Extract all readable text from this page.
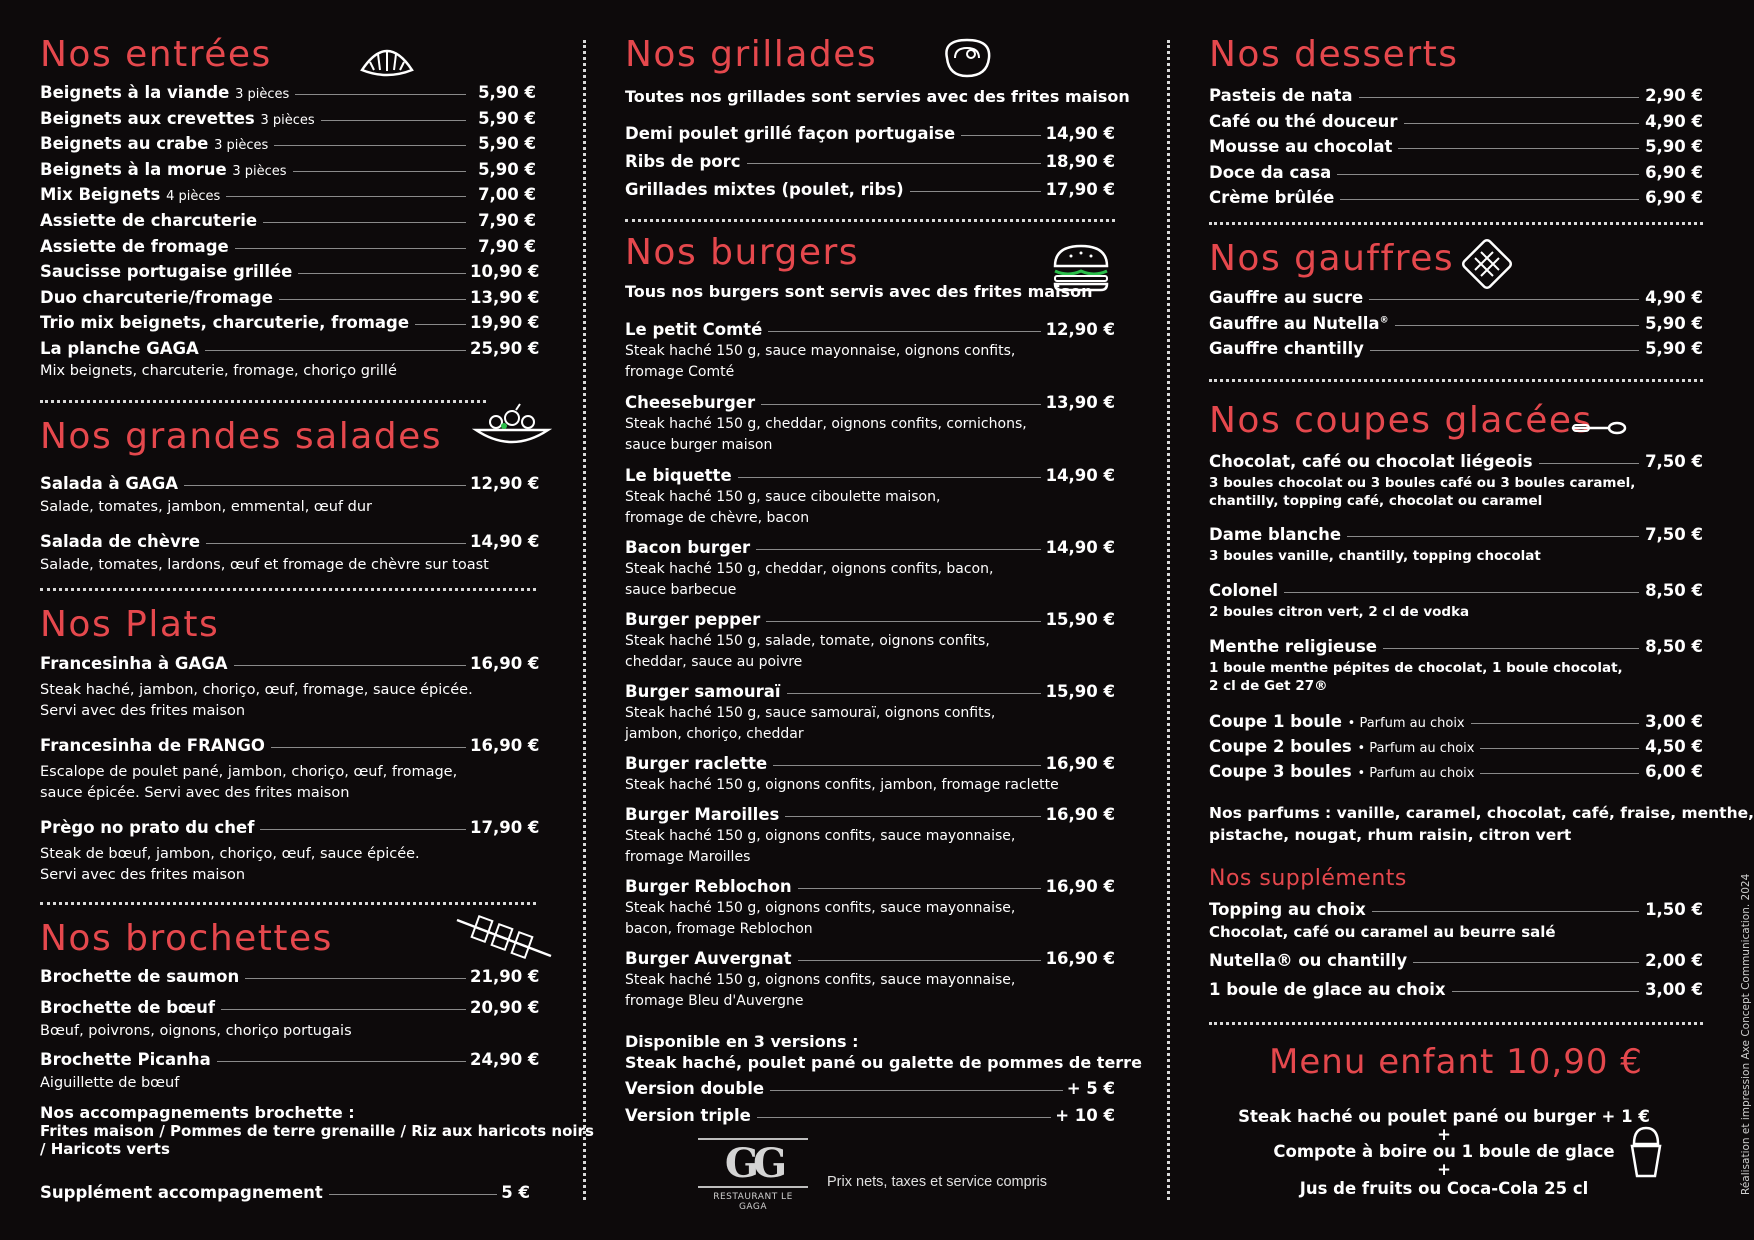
Nos entrées
Mix beignets, charcuterie, fromage, choriço grillé
Nos grandes salades
Nos Plats
Nos brochettes
Nos accompagnements brochette :
Frites maison / Pommes de terre grenaille / Riz aux haricots noirs
/ Haricots verts
Supplément accompagnement	5 €
Beignets à la viande 3 pièces	5,90 €
Beignets aux crevettes 3 pièces	5,90 €
Beignets au crabe 3 pièces	5,90 €
Beignets à la morue 3 pièces	5,90 €
Mix Beignets 4 pièces	7,00 €
Assiette de charcuterie	7,90 €
Assiette de fromage	7,90 €
Saucisse portugaise grillée	10,90 €
Duo charcuterie/fromage	13,90 €
Trio mix beignets, charcuterie, fromage	19,90 €
La planche GAGA	25,90 €
Salada à GAGA	12,90 €
Salade, tomates, jambon, emmental, œuf dur
Salada de chèvre	14,90 €
Salade, tomates, lardons, œuf et fromage de chèvre sur toast
Francesinha à GAGA	16,90 €
Steak haché, jambon, choriço, œuf, fromage, sauce épicée.
Servi avec des frites maison
Francesinha de FRANGO	16,90 €
Escalope de poulet pané, jambon, choriço, œuf, fromage,
sauce épicée. Servi avec des frites maison
Prègo no prato du chef	17,90 €
Steak de bœuf, jambon, choriço, œuf, sauce épicée.
Servi avec des frites maison
Brochette de saumon	21,90 €
Brochette de bœuf	20,90 €
Bœuf, poivrons, oignons, choriço portugais
Brochette Picanha	24,90 €
Aiguillette de bœuf
Nos grillades
Toutes nos grillades sont servies avec des frites maison
Nos burgers
Tous nos burgers sont servis avec des frites maison
Disponible en 3 versions :
Steak haché, poulet pané ou galette de pommes de terre
Version double	+ 5 €
Version triple	+ 10 €
GG
RESTAURANT LE GAGA
Prix nets, taxes et service compris
Demi poulet grillé façon portugaise	14,90 €
Ribs de porc	18,90 €
Grillades mixtes (poulet, ribs)	17,90 €
Le petit Comté	12,90 €
Steak haché 150 g, sauce mayonnaise, oignons confits,
fromage Comté
Cheeseburger	13,90 €
Steak haché 150 g, cheddar, oignons confits, cornichons,
sauce burger maison
Le biquette	14,90 €
Steak haché 150 g, sauce ciboulette maison,
fromage de chèvre, bacon
Bacon burger	14,90 €
Steak haché 150 g, cheddar, oignons confits, bacon,
sauce barbecue
Burger pepper	15,90 €
Steak haché 150 g, salade, tomate, oignons confits,
cheddar, sauce au poivre
Burger samouraï	15,90 €
Steak haché 150 g, sauce samouraï, oignons confits,
jambon, choriço, cheddar
Burger raclette	16,90 €
Steak haché 150 g, oignons confits, jambon, fromage raclette
Burger Maroilles	16,90 €
Steak haché 150 g, oignons confits, sauce mayonnaise,
fromage Maroilles
Burger Reblochon	16,90 €
Steak haché 150 g, oignons confits, sauce mayonnaise,
bacon, fromage Reblochon
Burger Auvergnat	16,90 €
Steak haché 150 g, oignons confits, sauce mayonnaise,
fromage Bleu d'Auvergne
Nos desserts
Nos gauffres
Nos coupes glacées
Nos parfums : vanille, caramel, chocolat, café, fraise, menthe,
pistache, nougat, rhum raisin, citron vert
Nos suppléments
Chocolat, café ou caramel au beurre salé
Menu enfant 10,90 €
Steak haché ou poulet pané ou burger + 1 €
+
Compote à boire ou 1 boule de glace
+
Jus de fruits ou Coca-Cola 25 cl
Pasteis de nata	2,90 €
Café ou thé douceur	4,90 €
Mousse au chocolat	5,90 €
Doce da casa	6,90 €
Crème brûlée	6,90 €
Gauffre au sucre	4,90 €
Gauffre au Nutella®	5,90 €
Gauffre chantilly	5,90 €
Chocolat, café ou chocolat liégeois	7,50 €
3 boules chocolat ou 3 boules café ou 3 boules caramel,
chantilly, topping café, chocolat ou caramel
Dame blanche	7,50 €
3 boules vanille, chantilly, topping chocolat
Colonel	8,50 €
2 boules citron vert, 2 cl de vodka
Menthe religieuse	8,50 €
1 boule menthe pépites de chocolat, 1 boule chocolat,
2 cl de Get 27®
Coupe 1 boule • Parfum au choix	3,00 €
Coupe 2 boules • Parfum au choix	4,50 €
Coupe 3 boules • Parfum au choix	6,00 €
Topping au choix	1,50 €
Nutella® ou chantilly	2,00 €
1 boule de glace au choix	3,00 €	Réalisation et impression Axe Concept Communication. 2024
